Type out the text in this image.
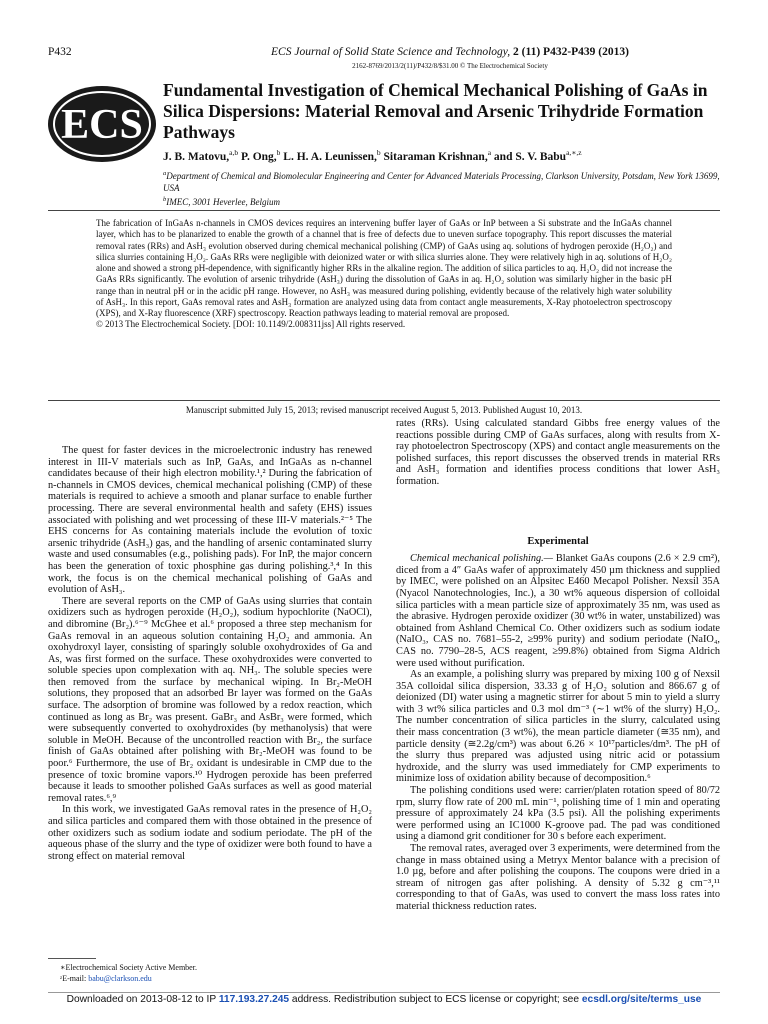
P432	ECS Journal of Solid State Science and Technology, 2 (11) P432-P439 (2013)
2162-8769/2013/2(11)/P432/8/$31.00 © The Electrochemical Society
ECS
Fundamental Investigation of Chemical Mechanical Polishing of GaAs in Silica Dispersions: Material Removal and Arsenic Trihydride Formation Pathways
J. B. Matovu,$^{a,b}$ P. Ong,$^b$ L. H. A. Leunissen,$^b$ Sitaraman Krishnan,$^a$ and S. V. Babu$^{a,∗,z}$
$^a$Department of Chemical and Biomolecular Engineering and Center for Advanced Materials Processing, Clarkson University, Potsdam, New York 13699, USA
$^b$IMEC, 3001 Heverlee, Belgium
The fabrication of InGaAs n-channels in CMOS devices requires an intervening buffer layer of GaAs or InP between a Si substrate and the InGaAs channel layer, which has to be planarized to enable the growth of a channel that is free of defects due to uneven surface topography. This report discusses the material removal rates (RRs) and AsH₃ evolution observed during chemical mechanical polishing (CMP) of GaAs using aq. solutions of hydrogen peroxide (H₂O₂) and silica slurries containing H₂O₂. GaAs RRs were negligible with deionized water or with silica slurries alone. They were relatively high in aq. solutions of H₂O₂ alone and showed a strong pH-dependence, with significantly higher RRs in the alkaline region. The addition of silica particles to aq. H₂O₂ did not increase the GaAs RRs significantly. The evolution of arsenic trihydride (AsH₃) during the dissolution of GaAs in aq. H₂O₂ solution was similarly higher in the basic pH range than in neutral pH or in the acidic pH range. However, no AsH₃ was measured during polishing, evidently because of the relatively high water solubility of AsH₃. In this report, GaAs removal rates and AsH₃ formation are analyzed using data from contact angle measurements, X-Ray photoelectron spectroscopy (XPS), and X-Ray fluorescence (XRF) spectroscopy. Reaction pathways leading to material removal are proposed.
© 2013 The Electrochemical Society. [DOI: 10.1149/2.008311jss] All rights reserved.
Manuscript submitted July 15, 2013; revised manuscript received August 5, 2013. Published August 10, 2013.

The quest for faster devices in the microelectronic industry has renewed interest in III-V materials such as InP, GaAs, and InGaAs as n-channel candidates because of their high electron mobility.¹,² During the fabrication of n-channels in CMOS devices, chemical mechanical polishing (CMP) of these materials is required to achieve a smooth and planar surface to enable further processing. There are several environmental health and safety (EHS) issues associated with polishing and wet processing of these III-V materials.²⁻⁵ The EHS concerns for As containing materials include the evolution of toxic arsenic trihydride (AsH₃) gas, and the handling of arsenic contaminated slurry waste and used consumables (e.g., polishing pads). For InP, the major concern has been the generation of toxic phosphine gas during polishing.³,⁴ In this work, the focus is on the chemical mechanical polishing of GaAs and evolution of AsH₃.

There are several reports on the CMP of GaAs using slurries that contain oxidizers such as hydrogen peroxide (H₂O₂), sodium hypochlorite (NaOCl), and dibromine (Br₂).⁶⁻⁹ McGhee et al.⁶ proposed a three step mechanism for GaAs removal in an aqueous solution containing H₂O₂ and ammonia. An oxohydroxyl layer, consisting of sparingly soluble oxohydroxides of Ga and As, was first formed on the surface. These oxohydroxides were converted to soluble species upon complexation with aq. NH₃. The soluble species were then removed from the surface by mechanical wiping. In Br₂-MeOH solutions, they proposed that an adsorbed Br layer was formed on the GaAs surface. The adsorption of bromine was followed by a redox reaction, which continued as long as Br₂ was present. GaBr₃ and AsBr₃ were formed, which were subsequently converted to oxohydroxides (by methanolysis) that were soluble in MeOH. Because of the uncontrolled reaction with Br₂, the surface finish of GaAs obtained after polishing with Br₂-MeOH was found to be poor.⁶ Furthermore, the use of Br₂ oxidant is undesirable in CMP due to the presence of toxic bromine vapors.¹⁰ Hydrogen peroxide has been preferred because it leads to smoother polished GaAs surfaces as well as good material removal rates.⁶,⁹

In this work, we investigated GaAs removal rates in the presence of H₂O₂ and silica particles and compared them with those obtained in the presence of other oxidizers such as sodium iodate and sodium periodate. The pH of the aqueous phase of the slurry and the type of oxidizer were both found to have a strong effect on material removal

rates (RRs). Using calculated standard Gibbs free energy values of the reactions possible during CMP of GaAs surfaces, along with results from X-ray photoelectron Spectroscopy (XPS) and contact angle measurements on the polished surfaces, this report discusses the observed trends in material RRs and AsH₃ formation and identifies process conditions that lower AsH₃ formation.

Experimental

Chemical mechanical polishing.— Blanket GaAs coupons (2.6 × 2.9 cm²), diced from a 4″ GaAs wafer of approximately 450 µm thickness and supplied by IMEC, were polished on an Alpsitec E460 Mecapol Polisher. Nexsil 35A (Nyacol Nanotechnologies, Inc.), a 30 wt% aqueous dispersion of colloidal silica particles with a mean particle size of approximately 35 nm, was used as the abrasive. Hydrogen peroxide oxidizer (30 wt% in water, unstabilized) was obtained from Ashland Chemical Co. Other oxidizers such as sodium iodate (NaIO₃, CAS no. 7681–55-2, ≥99% purity) and sodium periodate (NaIO₄, CAS no. 7790–28-5, ACS reagent, ≥99.8%) obtained from Sigma Aldrich were used without purification.

As an example, a polishing slurry was prepared by mixing 100 g of Nexsil 35A colloidal silica dispersion, 33.33 g of H₂O₂ solution and 866.67 g of deionized (DI) water using a magnetic stirrer for about 5 min to yield a slurry with 3 wt% silica particles and 0.3 mol dm⁻³ (∼1 wt% of the slurry) H₂O₂. The number concentration of silica particles in the slurry, calculated using their mass concentration (3 wt%), the mean particle diameter (≅35 nm), and particle density (≅2.2g/cm³) was about 6.26 × 10¹⁷particles/dm³. The pH of the slurry thus prepared was adjusted using nitric acid or potassium hydroxide, and the slurry was used immediately for CMP experiments to minimize loss of oxidation ability because of decomposition.⁶

The polishing conditions used were: carrier/platen rotation speed of 80/72 rpm, slurry flow rate of 200 mL min⁻¹, polishing time of 1 min and operating pressure of approximately 24 kPa (3.5 psi). All the polishing experiments were performed using an IC1000 K-groove pad. The pad was conditioned using a diamond grit conditioner for 30 s before each experiment.

The removal rates, averaged over 3 experiments, were determined from the change in mass obtained using a Metryx Mentor balance with a precision of 1.0 µg, before and after polishing the coupons. The coupons were dried in a stream of nitrogen gas after polishing. A density of 5.32 g cm⁻³,¹¹ corresponding to that of GaAs, was used to convert the mass loss rates into material thickness reduction rates.

∗Electrochemical Society Active Member.
ᶻE-mail: babu@clarkson.edu
Downloaded on 2013-08-12 to IP 117.193.27.245 address. Redistribution subject to ECS license or copyright; see ecsdl.org/site/terms_use
